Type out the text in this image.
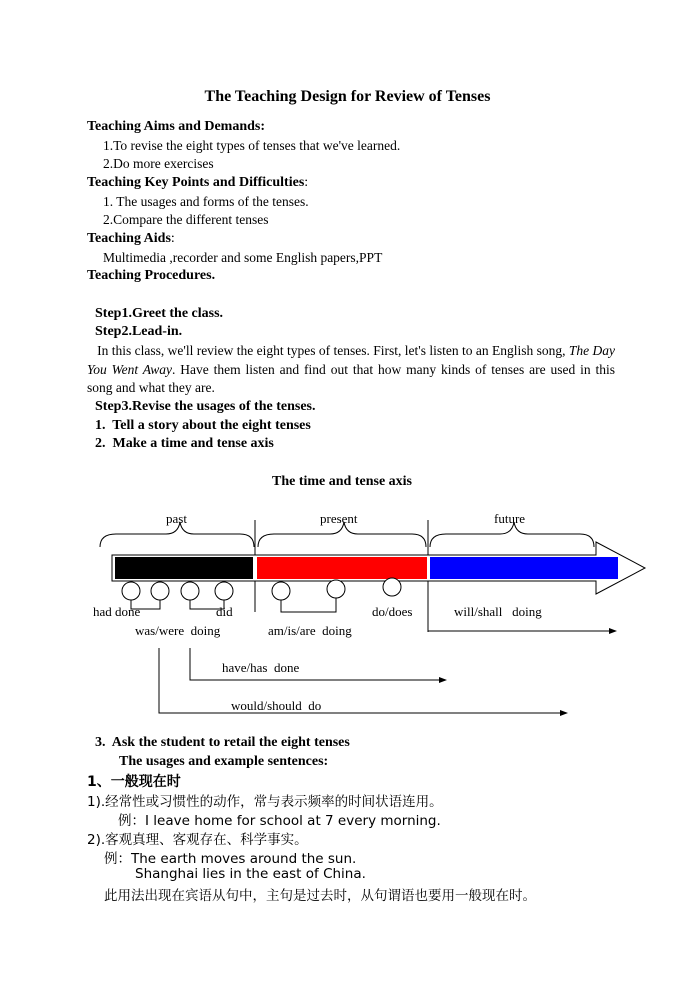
The Teaching Design for Review of Tenses
Teaching Aims and Demands:
1.To revise the eight types of tenses that we've learned.
2.Do more exercises
Teaching Key Points and Difficulties:
1. The usages and forms of the tenses.
2.Compare the different tenses
Teaching Aids:
Multimedia ,recorder and some English papers,PPT
Teaching Procedures.
Step1.Greet the class.
Step2.Lead-in.
In this class, we'll review the eight types of tenses. First, let's listen to an English song, The Day You Went Away. Have them listen and find out that how many kinds of tenses are used in this song and what they are.
Step3.Revise the usages of the tenses.
1.  Tell a story about the eight tenses
2.  Make a time and tense axis
The time and tense axis
past	present	future
had done	did	do/does	will/shall   doing
was/were  doing	am/is/are  doing
have/has  done
would/should  do
3.  Ask the student to retail the eight tenses
The usages and example sentences:
1、一般现在时
1).经常性或习惯性的动作，常与表示频率的时间状语连用。
例：I leave home for school at 7 every morning.
2).客观真理、客观存在、科学事实。
例：The earth moves around the sun.
Shanghai lies in the east of China.
此用法出现在宾语从句中，主句是过去时，从句谓语也要用一般现在时。
